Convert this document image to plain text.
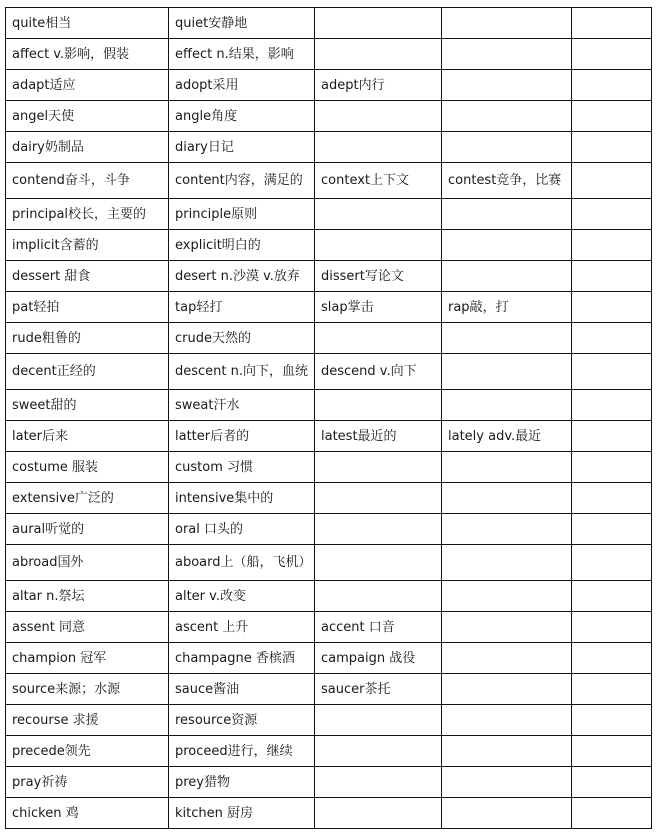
quite相当	quiet安静地			
affect v.影响，假装	effect n.结果，影响			
adapt适应	adopt采用	adept内行		
angel天使	angle角度			
dairy奶制品	diary日记			
contend奋斗，斗争	content内容，满足的	context上下文	contest竞争，比赛	
principal校长，主要的	principle原则			
implicit含蓄的	explicit明白的			
dessert 甜食	desert n.沙漠 v.放弃	dissert写论文		
pat轻拍	tap轻打	slap掌击	rap敲，打	
rude粗鲁的	crude天然的			
decent正经的	descent n.向下，血统	descend v.向下		
sweet甜的	sweat汗水			
later后来	latter后者的	latest最近的	lately adv.最近	
costume 服装	custom 习惯			
extensive广泛的	intensive集中的			
aural听觉的	oral 口头的			
abroad国外	aboard上（船，飞机）			
altar n.祭坛	alter v.改变			
assent 同意	ascent 上升	accent 口音		
champion 冠军	champagne 香槟酒	campaign 战役		
source来源；水源	sauce酱油	saucer茶托		
recourse 求援	resource资源			
precede领先	proceed进行，继续			
pray祈祷	prey猎物			
chicken 鸡	kitchen 厨房			
